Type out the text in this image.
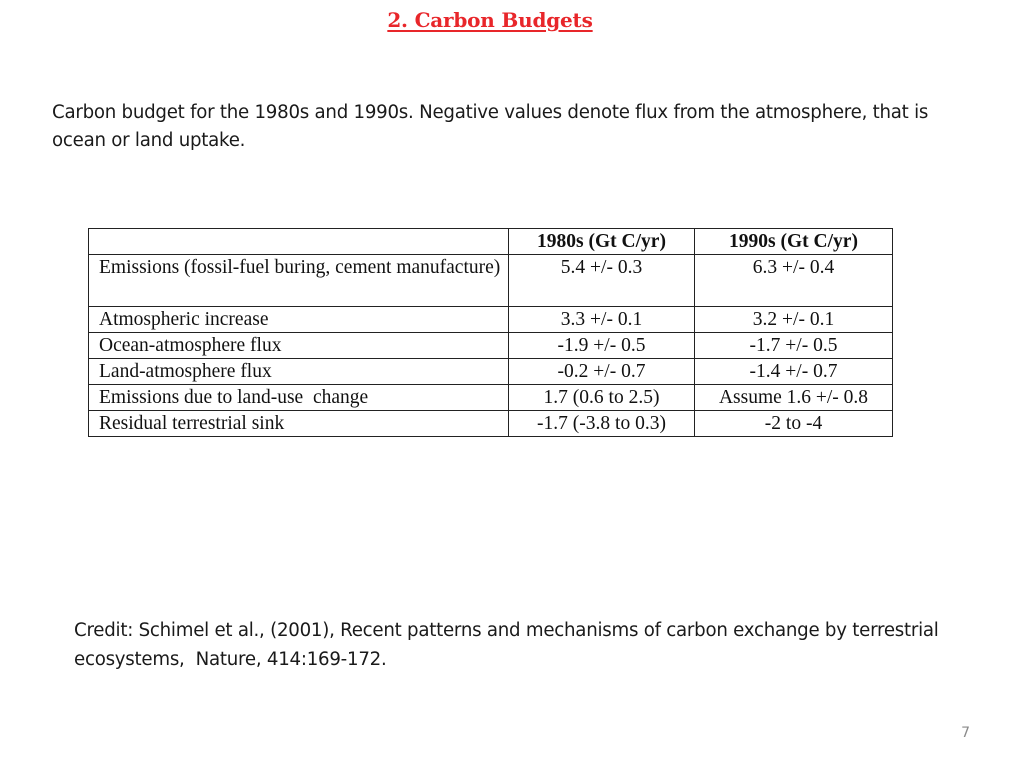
2. Carbon Budgets
Carbon budget for the 1980s and 1990s. Negative values denote flux from the atmosphere, that is ocean or land uptake.
	1980s (Gt C/yr)	1990s (Gt C/yr)
Emissions (fossil-fuel buring, cement manufacture)	5.4 +/- 0.3	6.3 +/- 0.4
Atmospheric increase	3.3 +/- 0.1	3.2 +/- 0.1
Ocean-atmosphere flux	-1.9 +/- 0.5	-1.7 +/- 0.5
Land-atmosphere flux	-0.2 +/- 0.7	-1.4 +/- 0.7
Emissions due to land-use  change	1.7 (0.6 to 2.5)	Assume 1.6 +/- 0.8
Residual terrestrial sink	-1.7 (-3.8 to 0.3)	-2 to -4
Credit: Schimel et al., (2001), Recent patterns and mechanisms of carbon exchange by terrestrial ecosystems,  Nature, 414:169-172.
7
